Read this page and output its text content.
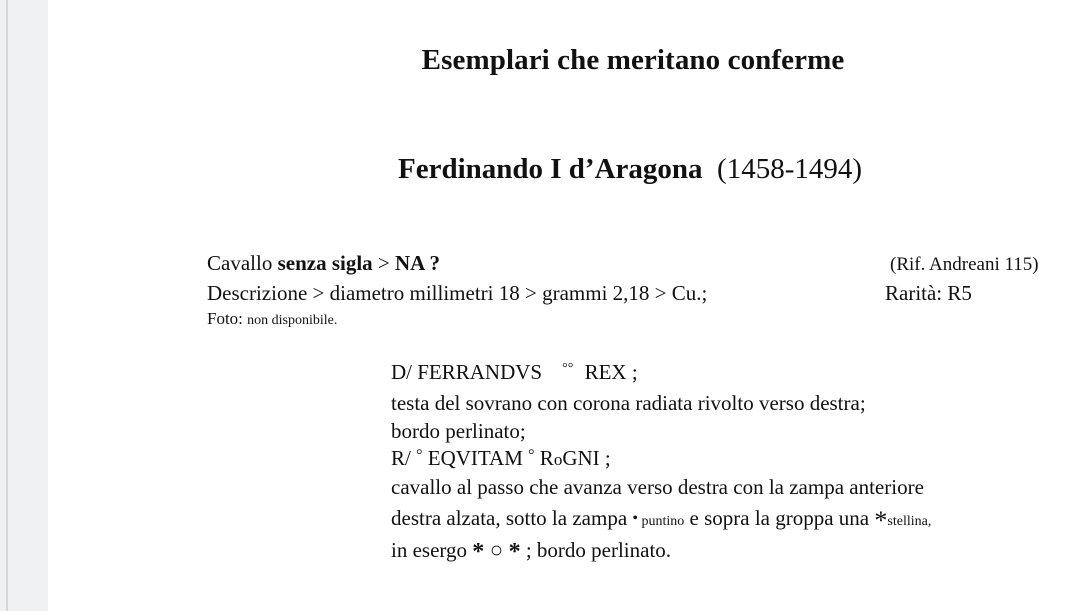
Esemplari che meritano conferme
Ferdinando I d’Aragona (1458-1494)
Cavallo senza sigla > NA ?	(Rif. Andreani 115)
Descrizione > diametro millimetri 18 > grammi 2,18 > Cu.;	Rarità: R5
Foto: non disponibile.
D/ FERRANDVS °° REX ;
testa del sovrano con corona radiata rivolto verso destra;
bordo perlinato;
R/ ° EQVITAM ° RoGNI ;
cavallo al passo che avanza verso destra con la zampa anteriore
destra alzata, sotto la zampa • puntino e sopra la groppa una *stellina,
in esergo * ○ * ; bordo perlinato.
